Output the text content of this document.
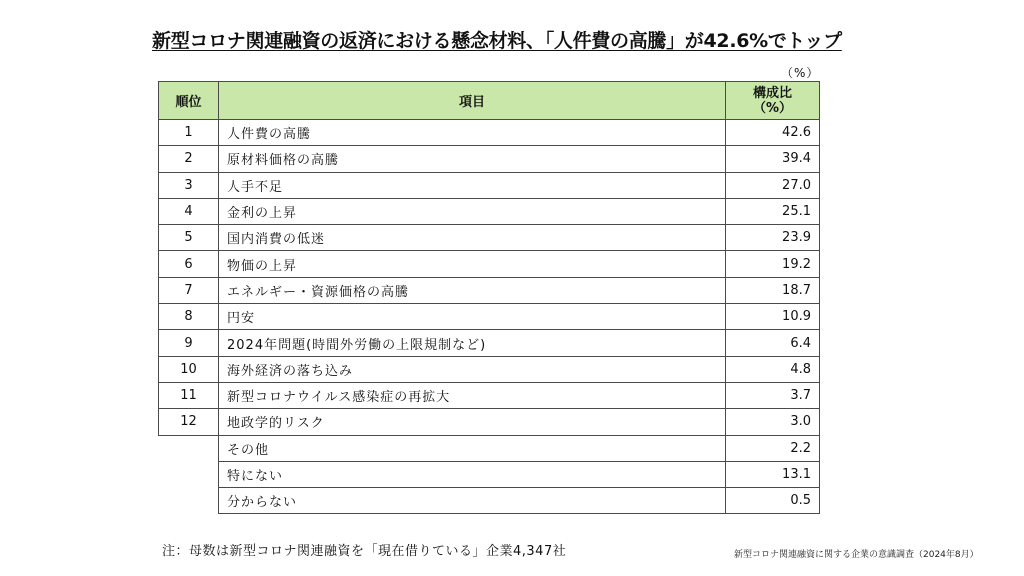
新型コロナ関連融資の返済における懸念材料、「人件費の高騰」が42.6%でトップ
（%）
順位	項目	構成比
（%）

1	人件費の高騰	42.6
2	原材料価格の高騰	39.4
3	人手不足	27.0
4	金利の上昇	25.1
5	国内消費の低迷	23.9
6	物価の上昇	19.2
7	エネルギー・資源価格の高騰	18.7
8	円安	10.9
9	2024年問題(時間外労働の上限規制など)	6.4
10	海外経済の落ち込み	4.8
11	新型コロナウイルス感染症の再拡大	3.7
12	地政学的リスク	3.0
	その他	2.2
	特にない	13.1
	分からない	0.5
注：母数は新型コロナ関連融資を「現在借りている」企業4,347社	新型コロナ関連融資に関する企業の意識調査（2024年8月）
